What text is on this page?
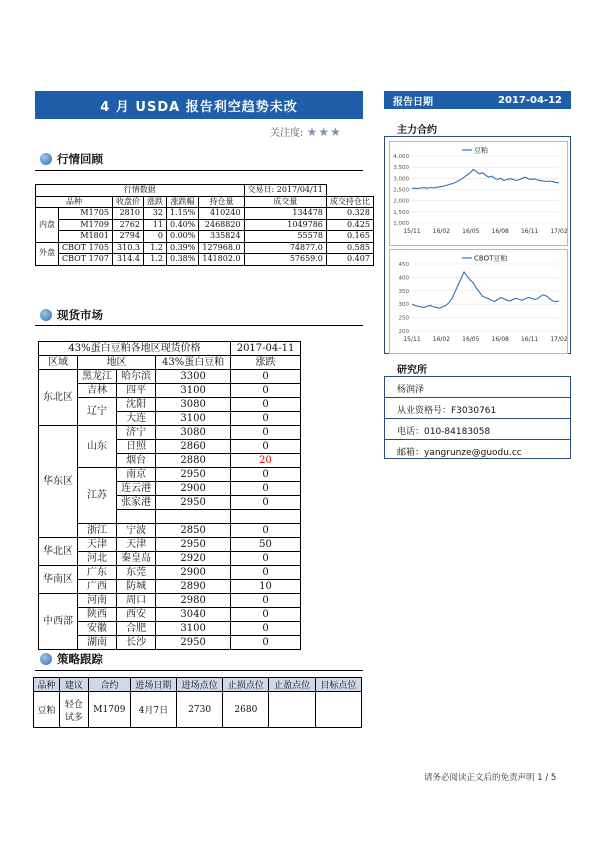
4 月 USDA 报告利空趋势未改
关注度: ★★★
行情回顾
行情数据						交易日: 2017/04/11	
品种		收盘价	涨跌	涨跌幅	持仓量	成交量	成交持仓比
内盘	M1705	2810	32	1.15%	410240	134478	0.328
	M1709	2762	11	0.40%	2468820	1049786	0.425
	M1801	2794	0	0.00%	335824	55578	0.165
外盘	CBOT 1705	310.3	1.2	0.39%	127968.0	74877.0	0.585
	CBOT 1707	314.4	1.2	0.38%	141802.0	57659.0	0.407
现货市场
43%蛋白豆粕各地区现货价格				2017-04-11
区域	地区		43%蛋白豆粕	涨跌
东北区	黑龙江	哈尔滨	3300	0
	吉林	四平	3100	0
	辽宁	沈阳	3080	0
		大连	3100	0
华东区	山东	济宁	3080	0
		日照	2860	0
		烟台	2880	20
	江苏	南京	2950	0
		连云港	2900	0
		张家港	2950	0

	浙江	宁波	2850	0
华北区	天津	天津	2950	50
	河北	秦皇岛	2920	0
华南区	广东	东莞	2900	0
	广西	防城	2890	10
中西部	河南	周口	2980	0
	陕西	西安	3040	0
	安徽	合肥	3100	0
	湖南	长沙	2950	0
策略跟踪
品种	建议	合约	进场日期	进场点位	止损点位	止盈点位	目标点位
豆粕	轻仓试多	M1709	4月7日	2730	2680		
报告日期	2017-04-12
主力合约
1,000
1,500
2,000
2,500
3,000
3,500
4,000
15/11 16/02 16/05 16/08 16/11 17/02
豆粕
200
250
300
350
400
450
15/11 16/02 16/05 16/08 16/11 17/02
CBOT豆粕
研究所
杨润泽
从业资格号：F3030761
电话：010-84183058
邮箱：yangrunze@guodu.cc
请务必阅读正文后的免责声明 1 / 5
